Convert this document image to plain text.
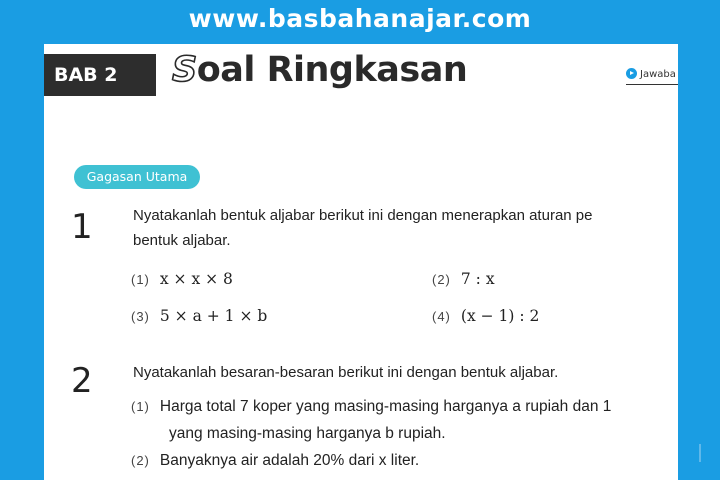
www.basbahanajar.com
BAB 2	Soal Ringkasan	Jawaba
Gagasan Utama
1	Nyatakanlah bentuk aljabar berikut ini dengan menerapkan aturan pe
bentuk aljabar.
(1) x × x × 8	(2) 7 : x
(3) 5 × a + 1 × b	(4) (x − 1) : 2
2	Nyatakanlah besaran-besaran berikut ini dengan bentuk aljabar.
(1) Harga total 7 koper yang masing-masing harganya a rupiah dan 1
yang masing-masing harganya b rupiah.
(2) Banyaknya air adalah 20% dari x liter.
